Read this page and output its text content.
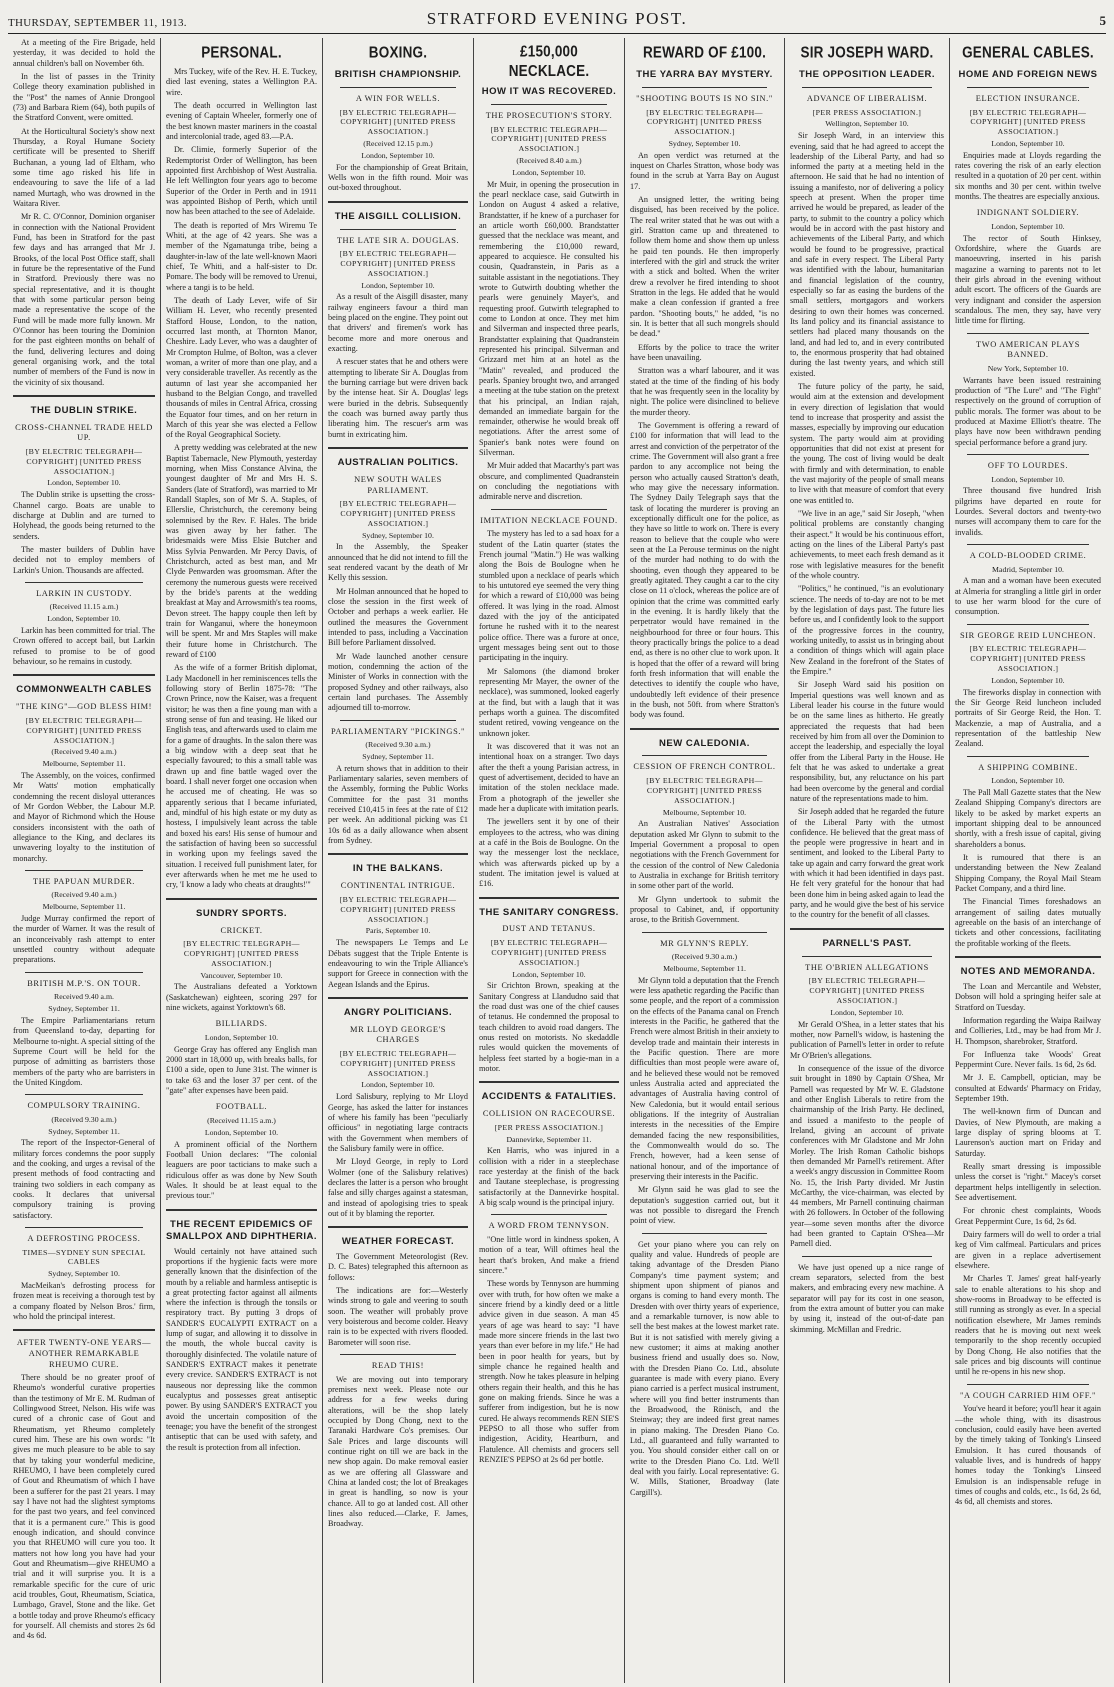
THURSDAY, SEPTEMBER 11, 1913.	STRATFORD EVENING POST.	5

At a meeting of the Fire Brigade, held yesterday, it was decided to hold the annual children's ball on November 6th.

In the list of passes in the Trinity College theory examination published in the "Post" the names of Annie Drongool (73) and Barbara Riem (64), both pupils of the Stratford Convent, were omitted.

At the Horticultural Society's show next Thursday, a Royal Humane Society certificate will be presented to Sheriff Buchanan, a young lad of Eltham, who some time ago risked his life in endeavouring to save the life of a lad named Murtagh, who was drowned in the Waitara River.

Mr R. C. O'Connor, Dominion organiser in connection with the National Provident Fund, has been in Stratford for the past few days and has arranged that Mr J. Brooks, of the local Post Office staff, shall in future be the representative of the Fund in Stratford. Previously there was no special representative, and it is thought that with some particular person being made a representative the scope of the Fund will be made more fully known. Mr O'Connor has been touring the Dominion for the past eighteen months on behalf of the fund, delivering lectures and doing general organising work, and the total number of members of the Fund is now in the vicinity of six thousand.

THE DUBLIN STRIKE.
CROSS-CHANNEL TRADE HELD UP.
[BY ELECTRIC TELEGRAPH—COPYRIGHT] [UNITED PRESS ASSOCIATION.]
London, September 10.

The Dublin strike is upsetting the cross-Channel cargo. Boats are unable to discharge at Dublin and are turned to Holyhead, the goods being returned to the senders.

The master builders of Dublin have decided not to employ members of Larkin's Union. Thousands are affected.

LARKIN IN CUSTODY.
(Received 11.15 a.m.)
London, September 10.

Larkin has been committed for trial. The Crown offered to accept bail, but Larkin refused to promise to be of good behaviour, so he remains in custody.

COMMONWEALTH CABLES
"THE KING"—GOD BLESS HIM!
[BY ELECTRIC TELEGRAPH—COPYRIGHT] [UNITED PRESS ASSOCIATION.]
(Received 9.40 a.m.)
Melbourne, September 11.

The Assembly, on the voices, confirmed Mr Watts' motion emphatically condemning the recent disloyal utterances of Mr Gordon Webber, the Labour M.P. and Mayor of Richmond which the House considers inconsistent with the oath of allegiance to the King, and declares its unwavering loyalty to the institution of monarchy.

THE PAPUAN MURDER.
(Received 9.40 a.m.)
Melbourne, September 11.

Judge Murray confirmed the report of the murder of Warner. It was the result of an inconceivably rash attempt to enter unsettled country without adequate preparations.

BRITISH M.P.'S. ON TOUR.
Received 9.40 a.m.
Sydney, September 11.

The Empire Parliamentarians return from Queensland to-day, departing for Melbourne to-night. A special sitting of the Supreme Court will be held for the purpose of admitting as barristers those members of the party who are barristers in the United Kingdom.

COMPULSORY TRAINING.
(Received 9.30 a.m.)
Sydney, September 11.

The report of the Inspector-General of military forces condemns the poor supply and the cooking, and urges a revisal of the present methods of food contracting and training two soldiers in each company as cooks. It declares that universal compulsory training is proving satisfactory.

A DEFROSTING PROCESS.
TIMES—SYDNEY SUN SPECIAL CABLES
Sydney, September 10.

MacMeikan's defrosting process for frozen meat is receiving a thorough test by a company floated by Nelson Bros.' firm, who hold the principal interest.

AFTER TWENTY-ONE YEARS— ANOTHER REMARKABLE RHEUMO CURE.

There should be no greater proof of Rheumo's wonderful curative properties than the testimony of Mr E. M. Rudman of Collingwood Street, Nelson. His wife was cured of a chronic case of Gout and Rheumatism, yet Rheumo completely cured him. These are his own words: "It gives me much pleasure to be able to say that by taking your wonderful medicine, RHEUMO, I have been completely cured of Gout and Rheumatism of which I have been a sufferer for the past 21 years. I may say I have not had the slightest symptoms for the past two years, and feel convinced that it is a permanent cure." This is good enough indication, and should convince you that RHEUMO will cure you too. It matters not how long you have had your Gout and Rheumatism—give RHEUMO a trial and it will surprise you. It is a remarkable specific for the cure of uric acid troubles, Gout, Rheumatism, Sciatica, Lumbago, Gravel, Stone and the like. Get a bottle today and prove Rheumo's efficacy for yourself. All chemists and stores 2s 6d and 4s 6d.

PERSONAL.

Mrs Tuckey, wife of the Rev. H. E. Tuckey, died last evening, states a Wellington P.A. wire.

The death occurred in Wellington last evening of Captain Wheeler, formerly one of the best known master mariners in the coastal and intercolonial trade, aged 83.—P.A.

Dr. Climie, formerly Superior of the Redemptorist Order of Wellington, has been appointed first Archbishop of West Australia. He left Wellington four years ago to become Superior of the Order in Perth and in 1911 was appointed Bishop of Perth, which until now has been attached to the see of Adelaide.

The death is reported of Mrs Wiremu Te Whiti, at the age of 42 years. She was a member of the Ngamatunga tribe, being a daughter-in-law of the late well-known Maori chief, Te Whiti, and a half-sister to Dr. Pomare. The body will be removed to Urenui, where a tangi is to be held.

The death of Lady Lever, wife of Sir William H. Lever, who recently presented Stafford House, London, to the nation, occurred last month, at Thornton Manor, Cheshire. Lady Lever, who was a daughter of Mr Crompton Hulme, of Bolton, was a clever woman, a writer of more than one play, and a very considerable traveller. As recently as the autumn of last year she accompanied her husband to the Belgian Congo, and travelled thousands of miles in Central Africa, crossing the Equator four times, and on her return in March of this year she was elected a Fellow of the Royal Geographical Society.

A pretty wedding was celebrated at the new Baptist Tabernacle, New Plymouth, yesterday morning, when Miss Constance Alvina, the youngest daughter of Mr and Mrs H. S. Sanders (late of Stratford), was married to Mr Randall Staples, son of Mr S. A. Staples, of Ellerslie, Christchurch, the ceremony being solemnised by the Rev. F. Hales. The bride was given away by her father. The bridesmaids were Miss Elsie Butcher and Miss Sylvia Penwarden. Mr Percy Davis, of Christchurch, acted as best man, and Mr Clyde Penwarden was groomsman. After the ceremony the numerous guests were received by the bride's parents at the wedding breakfast at May and Arrowsmith's tea rooms, Devon street. The happy couple then left by train for Wanganui, where the honeymoon will be spent. Mr and Mrs Staples will make their future home in Christchurch. The reward of £100

As the wife of a former British diplomat, Lady Macdonell in her reminiscences tells the following story of Berlin 1875-78: "The Crown Prince, now the Kaiser, was a frequent visitor; he was then a fine young man with a strong sense of fun and teasing. He liked our English teas, and afterwards used to claim me for a game of draughts. In the salon there was a big window with a deep seat that he especially favoured; to this a small table was drawn up and fine battle waged over the board. I shall never forget one occasion when he accused me of cheating. He was so apparently serious that I became infuriated, and, mindful of his high estate or my duty as hostess, I impulsively leant across the table and boxed his ears! His sense of humour and the satisfaction of having been so successful in working upon my feelings saved the situation. I received full punishment later, for ever afterwards when he met me he used to cry, 'I know a lady who cheats at draughts!'"

SUNDRY SPORTS.
CRICKET.
[BY ELECTRIC TELEGRAPH—COPYRIGHT] [UNITED PRESS ASSOCIATION.]
Vancouver, September 10.

The Australians defeated a Yorktown (Saskatchewan) eighteen, scoring 297 for nine wickets, against Yorktown's 68.

BILLIARDS.
London, September 10.

George Gray has offered any English man 2000 start in 18,000 up, with breaks balls, for £100 a side, open to June 31st. The winner is to take 63 and the loser 37 per cent. of the "gate" after expenses have been paid.

FOOTBALL.
(Received 11.15 a.m.)
London, September 10.

A prominent official of the Northern Football Union declares: "The colonial leaguers are poor tacticians to make such a ridiculous offer as was done by New South Wales. It should be at least equal to the previous tour."

THE RECENT EPIDEMICS OF SMALLPOX AND DIPHTHERIA.

Would certainly not have attained such proportions if the hygienic facts were more generally known that the disinfection of the mouth by a reliable and harmless antiseptic is a great protecting factor against all ailments where the infection is through the tonsils or respiratory tract. By putting 3 drops of SANDER'S EUCALYPTI EXTRACT on a lump of sugar, and allowing it to dissolve in the mouth, the whole buccal cavity is thoroughly disinfected. The volatile nature of SANDER'S EXTRACT makes it penetrate every crevice. SANDER'S EXTRACT is not nauseous nor depressing like the common eucalyptus and possesses great antiseptic power. By using SANDER'S EXTRACT you avoid the uncertain composition of the teenage; you have the benefit of the strongest antiseptic that can be used with safety, and the result is protection from all infection.

BOXING.
BRITISH CHAMPIONSHIP.
A WIN FOR WELLS.
[BY ELECTRIC TELEGRAPH—COPYRIGHT] [UNITED PRESS ASSOCIATION.]
(Received 12.15 p.m.)
London, September 10.

For the championship of Great Britain, Wells won in the fifth round. Moir was out-boxed throughout.

THE AISGILL COLLISION.
THE LATE SIR A. DOUGLAS.
[BY ELECTRIC TELEGRAPH—COPYRIGHT] [UNITED PRESS ASSOCIATION.]
London, September 10.

As a result of the Aisgill disaster, many railway engineers favour a third man being placed on the engine. They point out that drivers' and firemen's work has become more and more onerous and exacting.

A rescuer states that he and others were attempting to liberate Sir A. Douglas from the burning carriage but were driven back by the intense heat. Sir A. Douglas' legs were buried in the debris. Subsequently the coach was burned away partly thus liberating him. The rescuer's arm was burnt in extricating him.

AUSTRALIAN POLITICS.
NEW SOUTH WALES PARLIAMENT.
[BY ELECTRIC TELEGRAPH—COPYRIGHT] [UNITED PRESS ASSOCIATION.]
Sydney, September 10.

In the Assembly, the Speaker announced that he did not intend to fill the seat rendered vacant by the death of Mr Kelly this session.

Mr Holman announced that he hoped to close the session in the first week of October and perhaps a week earlier. He outlined the measures the Government intended to pass, including a Vaccination Bill before Parliament dissolved.

Mr Wade launched another censure motion, condemning the action of the Minister of Works in connection with the proposed Sydney and other railways, also certain land purchases. The Assembly adjourned till to-morrow.

PARLIAMENTARY "PICKINGS."
(Received 9.30 a.m.)
Sydney, September 11.

A return shows that in addition to their Parliamentary salaries, seven members of the Assembly, forming the Public Works Committee for the past 31 months received £10,415 in fees at the rate of £12 per week. An additional picking was £1 10s 6d as a daily allowance when absent from Sydney.

IN THE BALKANS.
CONTINENTAL INTRIGUE.
[BY ELECTRIC TELEGRAPH—COPYRIGHT] [UNITED PRESS ASSOCIATION.]
Paris, September 10.

The newspapers Le Temps and Le Débats suggest that the Triple Entente is endeavouring to win the Triple Alliance's support for Greece in connection with the Aegean Islands and the Epirus.

ANGRY POLITICIANS.
MR LLOYD GEORGE'S CHARGES
[BY ELECTRIC TELEGRAPH—COPYRIGHT] [UNITED PRESS ASSOCIATION.]
London, September 10.

Lord Salisbury, replying to Mr Lloyd George, has asked the latter for instances of where his family has been "peculiarly officious" in negotiating large contracts with the Government when members of the Salisbury family were in office.

Mr Lloyd George, in reply to Lord Wolmer (one of the Salisbury relatives) declares the latter is a person who brought false and silly charges against a statesman, and instead of apologising tries to speak out of it by blaming the reporter.

WEATHER FORECAST.

The Government Meteorologist (Rev. D. C. Bates) telegraphed this afternoon as follows:

The indications are for:—Westerly winds strong to gale and veering to south soon. The weather will probably prove very boisterous and become colder. Heavy rain is to be expected with rivers flooded. Barometer will soon rise.

READ THIS!

We are moving out into temporary premises next week. Please note our address for a few weeks during alterations, will be the shop lately occupied by Dong Chong, next to the Taranaki Hardware Co's premises. Our Sale Prices and large discounts will continue right on till we are back in the new shop again. Do make removal easier as we are offering all Glassware and China at landed cost; the lot of Breakages in great is handling, so now is your chance. All to go at landed cost. All other lines also reduced.—Clarke, F. James, Broadway.

£150,000 NECKLACE.
HOW IT WAS RECOVERED.
THE PROSECUTION'S STORY.
[BY ELECTRIC TELEGRAPH—COPYRIGHT] [UNITED PRESS ASSOCIATION.]
(Received 8.40 a.m.)
London, September 10.

Mr Muir, in opening the prosecution in the pearl necklace case, said Gutwirth in London on August 4 asked a relative, Brandstatter, if he knew of a purchaser for an article worth £60,000. Brandstatter guessed that the necklace was meant, and remembering the £10,000 reward, appeared to acquiesce. He consulted his cousin, Quadranstein, in Paris as a suitable assistant in the negotiations. They wrote to Gutwirth doubting whether the pearls were genuinely Mayer's, and requesting proof. Gutwirth telegraphed to come to London at once. They met him and Silverman and inspected three pearls, Brandstatter explaining that Quadranstein represented his principal. Silverman and Grizzard met him at an hotel as the "Matin" revealed, and produced the pearls. Spaniey brought two, and arranged a meeting at the tube station on the pretext that his principal, an Indian rajah, demanded an immediate bargain for the remainder, otherwise he would break off negotiations. After the arrest some of Spanier's bank notes were found on Silverman.

Mr Muir added that Macarthy's part was obscure, and complimented Quadranstein on concluding the negotiations with admirable nerve and discretion.

IMITATION NECKLACE FOUND.

The mystery has led to a sad hoax for a student of the Latin quarter (states the French journal "Matin.") He was walking along the Bois de Boulogne when he stumbled upon a necklace of pearls which to his untutored eye seemed the very thing for which a reward of £10,000 was being offered. It was lying in the road. Almost dazed with the joy of the anticipated fortune he rushed with it to the nearest police office. There was a furore at once, urgent messages being sent out to those participating in the inquiry.

Mr Salomons (the diamond broker representing Mr Mayer, the owner of the necklace), was summoned, looked eagerly at the find, but with a laugh that it was perhaps worth a guinea. The discomfited student retired, vowing vengeance on the unknown joker.

It was discovered that it was not an intentional hoax on a stranger. Two days after the theft a young Parisian actress, in quest of advertisement, decided to have an imitation of the stolen necklace made. From a photograph of the jeweller she made her a duplicate with imitation pearls.

The jewellers sent it by one of their employees to the actress, who was dining at a café in the Bois de Boulogne. On the way the messenger lost the necklace, which was afterwards picked up by a student. The imitation jewel is valued at £16.

THE SANITARY CONGRESS.
DUST AND TETANUS.
[BY ELECTRIC TELEGRAPH—COPYRIGHT] [UNITED PRESS ASSOCIATION.]
London, September 10.

Sir Crichton Brown, speaking at the Sanitary Congress at Llandudno said that the road dust was one of the chief causes of tetanus. He condemned the proposal to teach children to avoid road dangers. The onus rested on motorists. No skedaddle rules would quicken the movements of helpless feet started by a bogie-man in a motor.

ACCIDENTS & FATALITIES.
COLLISION ON RACECOURSE.
[PER PRESS ASSOCIATION.]
Dannevirke, September 11.

Ken Harris, who was injured in a collision with a rider in a steeplechase race yesterday at the finish of the back and Tautane steeplechase, is progressing satisfactorily at the Dannevirke hospital. A big scalp wound is the principal injury.

A WORD FROM TENNYSON.

"One little word in kindness spoken, A motion of a tear, Will oftimes heal the heart that's broken, And make a friend sincere."

These words by Tennyson are humming over with truth, for how often we make a sincere friend by a kindly deed or a little advice given in due season. A man 45 years of age was heard to say: "I have made more sincere friends in the last two years than ever before in my life." He had been in poor health for years, but by simple chance he regained health and strength. Now he takes pleasure in helping others regain their health, and this he has gone on making friends. Since he was a sufferer from indigestion, but he is now cured. He always recommends REN SIE'S PEPSO to all those who suffer from indigestion, Acidity, Heartburn, and Flatulence. All chemists and grocers sell RENZIE'S PEPSO at 2s 6d per bottle.

REWARD OF £100.
THE YARRA BAY MYSTERY.
"SHOOTING BOUTS IS NO SIN."
[BY ELECTRIC TELEGRAPH—COPYRIGHT] [UNITED PRESS ASSOCIATION.]
Sydney, September 10.

An open verdict was returned at the inquest on Charles Stratton, whose body was found in the scrub at Yarra Bay on August 17.

An unsigned letter, the writing being disguised, has been received by the police. The real writer stated that he was out with a girl. Stratton came up and threatened to follow them home and show them up unless he paid ten pounds. He then improperly interfered with the girl and struck the writer with a stick and bolted. When the writer drew a revolver he fired intending to shoot Stratton in the legs. He added that he would make a clean confession if granted a free pardon. "Shooting bouts," he added, "is no sin. It is better that all such mongrels should be dead."

Efforts by the police to trace the writer have been unavailing.

Stratton was a wharf labourer, and it was stated at the time of the finding of his body that he was frequently seen in the locality by night. The police were disinclined to believe the murder theory.

The Government is offering a reward of £100 for information that will lead to the arrest and conviction of the perpetrator of the crime. The Government will also grant a free pardon to any accomplice not being the person who actually caused Stratton's death, who may give the necessary information. The Sydney Daily Telegraph says that the task of locating the murderer is proving an exceptionally difficult one for the police, as they have so little to work on. There is every reason to believe that the couple who were seen at the La Perouse terminus on the night of the murder had nothing to do with the shooting, even though they appeared to be greatly agitated. They caught a car to the city close on 11 o'clock, whereas the police are of opinion that the crime was committed early in the evening. It is hardly likely that the perpetrator would have remained in the neighbourhood for three or four hours. This theory practically brings the police to a dead end, as there is no other clue to work upon. It is hoped that the offer of a reward will bring forth fresh information that will enable the detectives to identify the couple who have, undoubtedly left evidence of their presence in the bush, not 50ft. from where Stratton's body was found.

NEW CALEDONIA.
CESSION OF FRENCH CONTROL.
[BY ELECTRIC TELEGRAPH—COPYRIGHT] [UNITED PRESS ASSOCIATION.]
Melbourne, September 10.

An Australian Natives' Association deputation asked Mr Glynn to submit to the Imperial Government a proposal to open negotiations with the French Government for the cession of the control of New Caledonia to Australia in exchange for British territory in some other part of the world.

Mr Glynn undertook to submit the proposal to Cabinet, and, if opportunity arose, to the British Government.

MR GLYNN'S REPLY.
(Received 9.30 a.m.)
Melbourne, September 11.

Mr Glynn told a deputation that the French were less apathetic regarding the Pacific than some people, and the report of a commission on the effects of the Panama canal on French interests in the Pacific, he gathered that the French were almost British in their anxiety to develop trade and maintain their interests in the Pacific question. There are more difficulties than most people were aware of, and he believed these would not be removed unless Australia acted and appreciated the advantages of Australia having control of New Caledonia, but it would entail serious obligations. If the integrity of Australian interests in the necessities of the Empire demanded facing the new responsibilities, the Commonwealth would do so. The French, however, had a keen sense of national honour, and of the importance of preserving their interests in the Pacific.

Mr Glynn said he was glad to see the deputation's suggestion carried out, but it was not possible to disregard the French point of view.

Get your piano where you can rely on quality and value. Hundreds of people are taking advantage of the Dresden Piano Company's time payment system; and shipment upon shipment of pianos and organs is coming to hand every month. The Dresden with over thirty years of experience, and a remarkable turnover, is now able to sell the best makes at the lowest market rate. But it is not satisfied with merely giving a new customer; it aims at making another business friend and usually does so. Now, with the Dresden Piano Co. Ltd., absolute guarantee is made with every piano. Every piano carried is a perfect musical instrument, where will you find better instruments than the Broadwood, the Rönisch, and the Steinway; they are indeed first great names in piano making. The Dresden Piano Co. Ltd., all guaranteed and fully warranted to you. You should consider either call on or write to the Dresden Piano Co. Ltd. We'll deal with you fairly. Local representative: G. W. Mills, Stationer, Broadway (late Cargill's).

SIR JOSEPH WARD.
THE OPPOSITION LEADER.
ADVANCE OF LIBERALISM.
[PER PRESS ASSOCIATION.]
Wellington, September 10.

Sir Joseph Ward, in an interview this evening, said that he had agreed to accept the leadership of the Liberal Party, and had so informed the party at a meeting held in the afternoon. He said that he had no intention of issuing a manifesto, nor of delivering a policy speech at present. When the proper time arrived he would be prepared, as leader of the party, to submit to the country a policy which would be in accord with the past history and achievements of the Liberal Party, and which would be found to be progressive, practical and safe in every respect. The Liberal Party was identified with the labour, humanitarian and financial legislation of the country, especially so far as easing the burdens of the small settlers, mortgagors and workers desiring to own their homes was concerned. Its land policy and its financial assistance to settlers had placed many thousands on the land, and had led to, and in every contributed to, the enormous prosperity that had obtained during the last twenty years, and which still existed.

The future policy of the party, he said, would aim at the extension and development in every direction of legislation that would tend to increase that prosperity and assist the masses, especially by improving our education system. The party would aim at providing opportunities that did not exist at present for the young. The cost of living would be dealt with firmly and with determination, to enable the vast majority of the people of small means to live with that measure of comfort that every one was entitled to.

"We live in an age," said Sir Joseph, "when political problems are constantly changing their aspect." It would be his continuous effort, acting on the lines of the Liberal Party's past achievements, to meet each fresh demand as it rose with legislative measures for the benefit of the whole country.

"Politics," he continued, "is an evolutionary science. The needs of to-day are not to be met by the legislation of days past. The future lies before us, and I confidently look to the support of the progressive forces in the country, working unitedly, to assist us in bringing about a condition of things which will again place New Zealand in the forefront of the States of the Empire."

Sir Joseph Ward said his position on Imperial questions was well known and as Liberal leader his course in the future would be on the same lines as hitherto. He greatly appreciated the requests that had been received by him from all over the Dominion to accept the leadership, and especially the loyal offer from the Liberal Party in the House. He felt that he was asked to undertake a great responsibility, but, any reluctance on his part had been overcome by the general and cordial nature of the representations made to him.

Sir Joseph added that he regarded the future of the Liberal Party with the utmost confidence. He believed that the great mass of the people were progressive in heart and in sentiment, and looked to the Liberal Party to take up again and carry forward the great work with which it had been identified in days past. He felt very grateful for the honour that had been done him in being asked again to lead the party, and he would give the best of his service to the country for the benefit of all classes.

PARNELL'S PAST.
THE O'BRIEN ALLEGATIONS
[BY ELECTRIC TELEGRAPH—COPYRIGHT] [UNITED PRESS ASSOCIATION.]
London, September 10.

Mr Gerald O'Shea, in a letter states that his mother, now Parnell's widow, is hastening the publication of Parnell's letter in order to refute Mr O'Brien's allegations.

In consequence of the issue of the divorce suit brought in 1890 by Captain O'Shea, Mr Parnell was requested by Mr W. E. Gladstone and other English Liberals to retire from the chairmanship of the Irish Party. He declined, and issued a manifesto to the people of Ireland, giving an account of private conferences with Mr Gladstone and Mr John Morley. The Irish Roman Catholic bishops then demanded Mr Parnell's retirement. After a week's angry discussion in Committee Room No. 15, the Irish Party divided. Mr Justin McCarthy, the vice-chairman, was elected by 44 members, Mr Parnell continuing chairman with 26 followers. In October of the following year—some seven months after the divorce had been granted to Captain O'Shea—Mr Parnell died.

We have just opened up a nice range of cream separators, selected from the best makers, and embracing every new machine. A separator will pay for its cost in one season, from the extra amount of butter you can make by using it, instead of the out-of-date pan skimming. McMillan and Fredric.

GENERAL CABLES.
HOME AND FOREIGN NEWS
ELECTION INSURANCE.
[BY ELECTRIC TELEGRAPH—COPYRIGHT] [UNITED PRESS ASSOCIATION.]
London, September 10.

Enquiries made at Lloyds regarding the rates covering the risk of an early election resulted in a quotation of 20 per cent. within six months and 30 per cent. within twelve months. The theatres are especially anxious.

INDIGNANT SOLDIERY.
London, September 10.

The rector of South Hinksey, Oxfordshire, where the Guards are manoeuvring, inserted in his parish magazine a warning to parents not to let their girls abroad in the evening without adult escort. The officers of the Guards are very indignant and consider the aspersion scandalous. The men, they say, have very little time for flirting.

TWO AMERICAN PLAYS BANNED.
New York, September 10.

Warrants have been issued restraining production of "The Lure" and "The Fight" respectively on the ground of corruption of public morals. The former was about to be produced at Maxime Elliott's theatre. The plays have now been withdrawn pending special performance before a grand jury.

OFF TO LOURDES.
London, September 10.

Three thousand five hundred Irish pilgrims have departed en route for Lourdes. Several doctors and twenty-two nurses will accompany them to care for the invalids.

A COLD-BLOODED CRIME.
Madrid, September 10.

A man and a woman have been executed at Almeria for strangling a little girl in order to use her warm blood for the cure of consumption.

SIR GEORGE REID LUNCHEON.
[BY ELECTRIC TELEGRAPH—COPYRIGHT] [UNITED PRESS ASSOCIATION.]
London, September 10.

The fireworks display in connection with the Sir George Reid luncheon included portraits of Sir George Reid, the Hon. T. Mackenzie, a map of Australia, and a representation of the battleship New Zealand.

A SHIPPING COMBINE.
London, September 10.

The Pall Mall Gazette states that the New Zealand Shipping Company's directors are likely to be asked by market experts an important shipping deal to be announced shortly, with a fresh issue of capital, giving shareholders a bonus.

It is rumoured that there is an understanding between the New Zealand Shipping Company, the Royal Mail Steam Packet Company, and a third line.

The Financial Times foreshadows an arrangement of sailing dates mutually agreeable on the basis of an interchange of tickets and other concessions, facilitating the profitable working of the fleets.

NOTES AND MEMORANDA.

The Loan and Mercantile and Webster, Dobson will hold a springing heifer sale at Stratford on Tuesday.

Information regarding the Waipa Railway and Collieries, Ltd., may be had from Mr J. H. Thompson, sharebroker, Stratford.

For Influenza take Woods' Great Peppermint Cure. Never fails. 1s 6d, 2s 6d.

Mr J. E. Campbell, optician, may be consulted at Edwards' Pharmacy on Friday, September 19th.

The well-known firm of Duncan and Davies, of New Plymouth, are making a large display of spring blooms at T. Laurenson's auction mart on Friday and Saturday.

Really smart dressing is impossible unless the corset is "right." Macey's corset department helps intelligently in selection. See advertisement.

For chronic chest complaints, Woods Great Peppermint Cure, 1s 6d, 2s 6d.

Dairy farmers will do well to order a trial keg of Vim calfmeal. Particulars and prices are given in a replace advertisement elsewhere.

Mr Charles T. James' great half-yearly sale to enable alterations to his shop and show-rooms in Broadway to be effected is still running as strongly as ever. In a special notification elsewhere, Mr James reminds readers that he is moving out next week temporarily to the shop recently occupied by Dong Chong. He also notifies that the sale prices and big discounts will continue until he re-opens in his new shop.

"A COUGH CARRIED HIM OFF."

You've heard it before; you'll hear it again—the whole thing, with its disastrous conclusion, could easily have been averted by the timely taking of Tonking's Linseed Emulsion. It has cured thousands of valuable lives, and is hundreds of happy homes today the Tonking's Linseed Emulsion is an indispensable refuge in times of coughs and colds, etc., 1s 6d, 2s 6d, 4s 6d, all chemists and stores.
